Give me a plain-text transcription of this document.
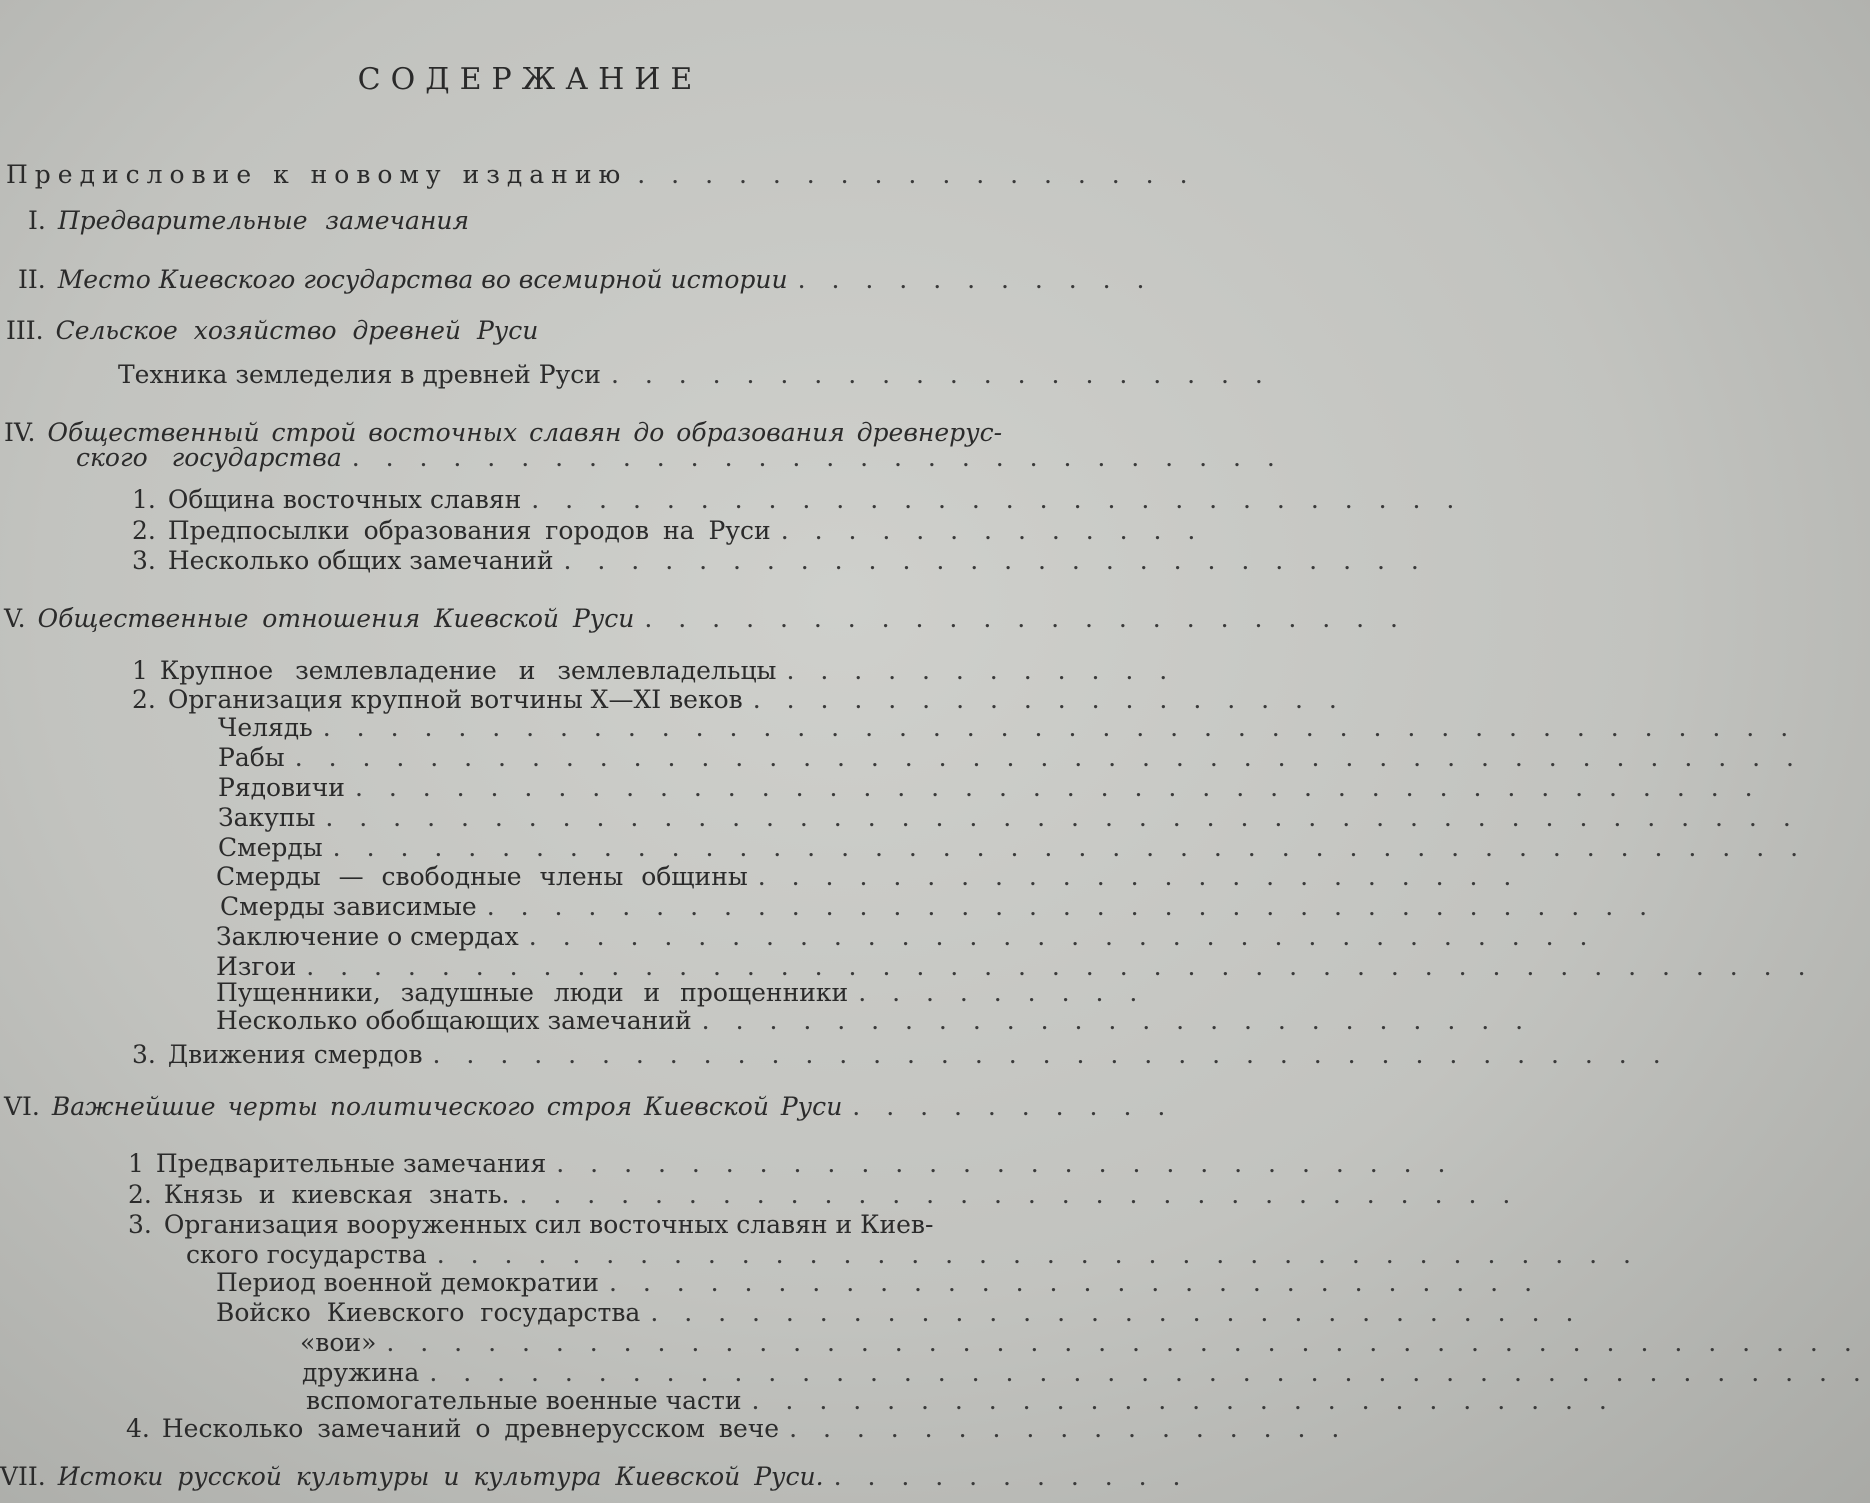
СОДЕРЖАНИЕ
Предисловие к новому изданию . . . . . . . . . . . . . . . . .
I. Предварительные замечания
II. Место Киевского государства во всемирной истории . . . . . . . . . . .
III. Сельское хозяйство древней Руси
Техника земледелия в древней Руси . . . . . . . . . . . . . . . . . . . .
IV. Общественный строй восточных славян до образования древнерус-
ского государства . . . . . . . . . . . . . . . . . . . . . . . . . . . .
1. Община восточных славян . . . . . . . . . . . . . . . . . . . . . . . . . . . .
2. Предпосылки образования городов на Руси . . . . . . . . . . . . .
3. Несколько общих замечаний . . . . . . . . . . . . . . . . . . . . . . . . . .
V. Общественные отношения Киевской Руси . . . . . . . . . . . . . . . . . . . . . . .
1 Крупное землевладение и землевладельцы . . . . . . . . . . . .
2. Организация крупной вотчины X—XI веков . . . . . . . . . . . . . . . . . .
Челядь . . . . . . . . . . . . . . . . . . . . . . . . . . . . . . . . . . . . . . . . . . . .
Рабы . . . . . . . . . . . . . . . . . . . . . . . . . . . . . . . . . . . . . . . . . . . . .
Рядовичи . . . . . . . . . . . . . . . . . . . . . . . . . . . . . . . . . . . . . . . . . .
Закупы . . . . . . . . . . . . . . . . . . . . . . . . . . . . . . . . . . . . . . . . . . . .
Смерды . . . . . . . . . . . . . . . . . . . . . . . . . . . . . . . . . . . . . . . . . . . .
Смерды — свободные члены общины . . . . . . . . . . . . . . . . . . . . . . .
Смерды зависимые . . . . . . . . . . . . . . . . . . . . . . . . . . . . . . . . . . .
Заключение о смердах . . . . . . . . . . . . . . . . . . . . . . . . . . . . . . . .
Изгои . . . . . . . . . . . . . . . . . . . . . . . . . . . . . . . . . . . . . . . . . . . . .
Пущенники, задушные люди и прощенники . . . . . . . . .
Несколько обобщающих замечаний . . . . . . . . . . . . . . . . . . . . . . . . .
3. Движения смердов . . . . . . . . . . . . . . . . . . . . . . . . . . . . . . . . . . . . .
VI. Важнейшие черты политического строя Киевской Руси . . . . . . . . . .
1 Предварительные замечания . . . . . . . . . . . . . . . . . . . . . . . . . . .
2. Князь и киевская знать. . . . . . . . . . . . . . . . . . . . . . . . . . . . . . .
3. Организация вооруженных сил восточных славян и Киев-
ского государства . . . . . . . . . . . . . . . . . . . . . . . . . . . . . . . . . . . .
Период военной демократии . . . . . . . . . . . . . . . . . . . . . . . . . . . .
Войско Киевского государства . . . . . . . . . . . . . . . . . . . . . . . . . . . .
«вои» . . . . . . . . . . . . . . . . . . . . . . . . . . . . . . . . . . . . . . . . . . . .
дружина . . . . . . . . . . . . . . . . . . . . . . . . . . . . . . . . . . . . . . . . . . .
вспомогательные военные части . . . . . . . . . . . . . . . . . . . . . . . . . .
4. Несколько замечаний о древнерусском вече . . . . . . . . . . . . . . . . .
VII. Истоки русской культуры и культура Киевской Руси. . . . . . . . . . . .
